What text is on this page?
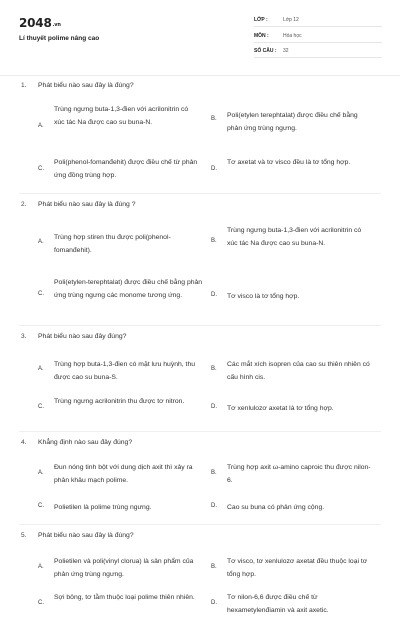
$2048^{.vn}$
Lí thuyết polime nâng cao
LỚP :	Lớp 12
MÔN :	Hóa học
SỐ CÂU : 32
1. Phát biểu nào sau đây là đúng?
A.
Trùng ngưng buta-1,3-đien với acrilonitrin có xúc tác Na được cao su buna-N.	B. Poli(etylen terephtalat) được điều chế bằng phản ứng trùng ngưng.
C.
Poli(phenol-fomanđehit) được điều chế từ phản ứng đồng trùng hợp.
D.
Tơ axetat và tơ visco đều là tơ tổng hợp.
2. Phát biểu nào sau đây là đúng ?
A.
Trùng hợp stiren thu được poli(phenol-fomanđehit).
B.
Trùng ngưng buta-1,3-đien với acrilonitrin có xúc tác Na được cao su buna-N.
C.
Poli(etylen-terephtalat) được điều chế bằng phản ứng trùng ngưng các monome tương ứng.	D. Tơ visco là tơ tổng hợp.
3. Phát biểu nào sau đây đúng?
A.
Trùng hợp buta-1,3-đien có mặt lưu huỳnh, thu được cao su buna-S.
B.
Các mắt xích isopren của cao su thiên nhiên có cấu hình cis.
C.
Trùng ngưng acrilonitrin thu được tơ nitron.
D. Tơ xenlulozơ axetat là tơ tổng hợp.
4. Khẳng định nào sau đây đúng?
A.
Đun nóng tinh bột với dung dịch axit thì xảy ra phản khâu mạch polime.
B.
Trùng hợp axit ω-amino caproic thu được nilon-6.
C. Polietilen là polime trùng ngưng.	D. Cao su buna có phản ứng cộng.
5. Phát biểu nào sau đây là đúng?
A.
Polietilen và poli(vinyl clorua) là sản phẩm của phản ứng trùng ngưng.
B.
Tơ visco, tơ xenlulozơ axetat đều thuộc loại tơ tổng hợp.
C.
Sợi bông, tơ tằm thuộc loại polime thiên nhiên.
D.
Tơ nilon-6,6 được điều chế từ hexametylenđiamin và axit axetic.
